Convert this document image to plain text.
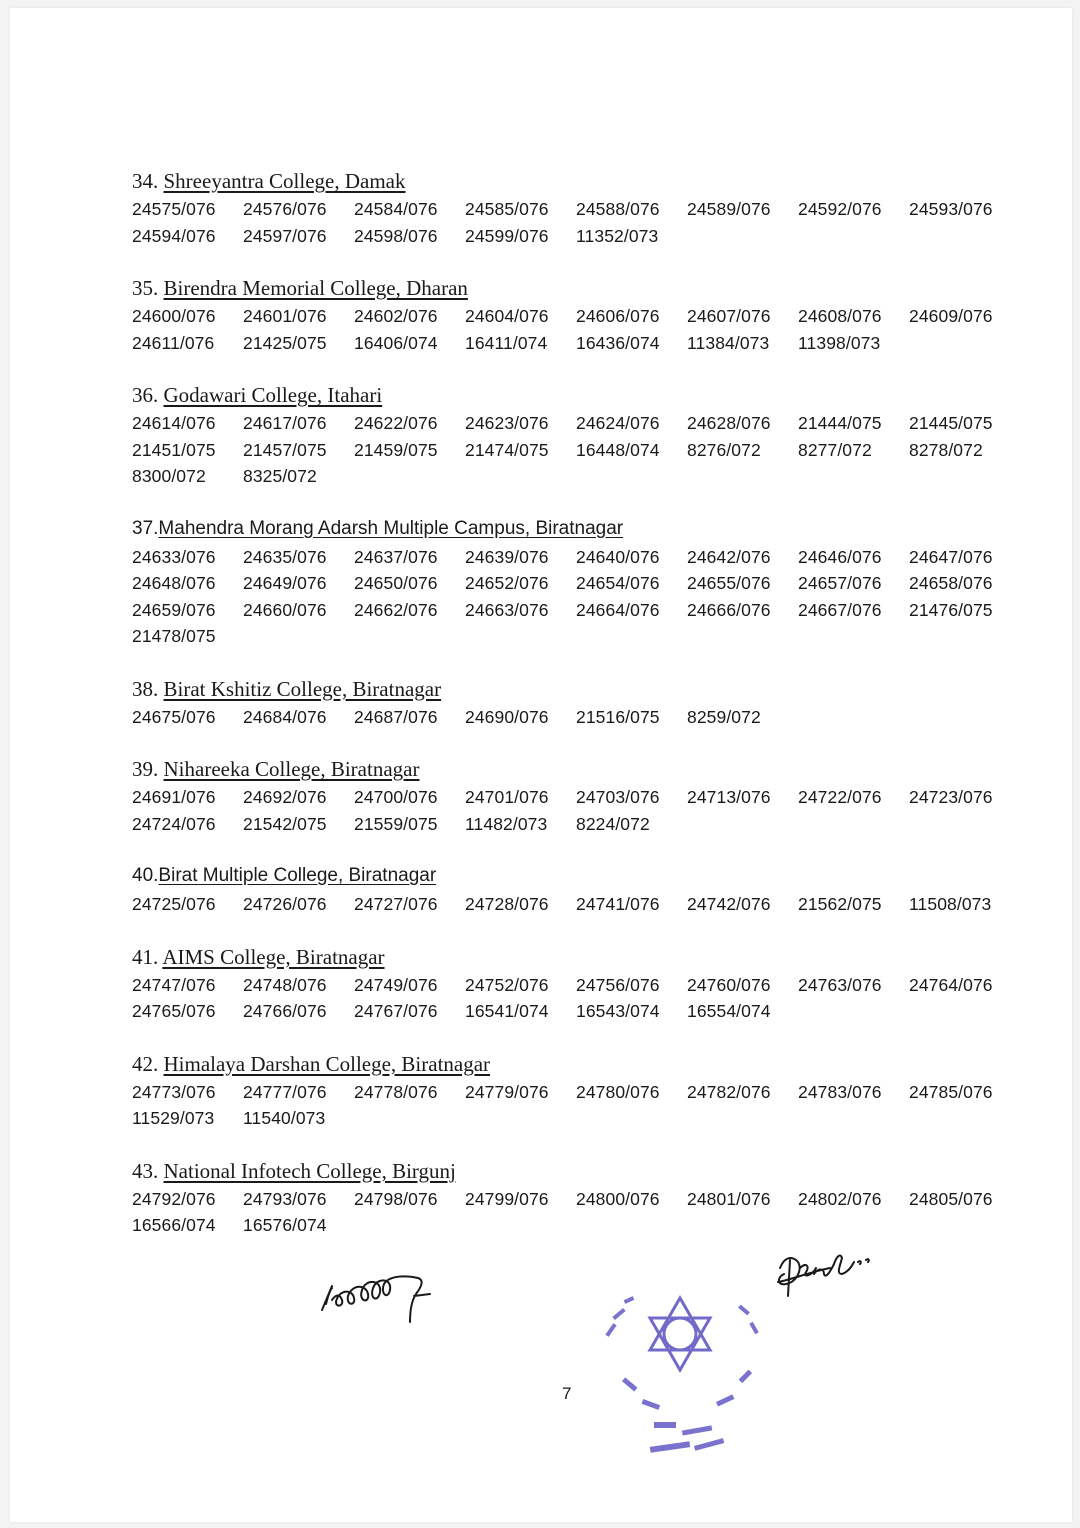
34. Shreeyantra College, Damak
24575/076	24576/076	24584/076	24585/076	24588/076	24589/076	24592/076	24593/076
24594/076	24597/076	24598/076	24599/076	11352/073
35. Birendra Memorial College, Dharan
24600/076	24601/076	24602/076	24604/076	24606/076	24607/076	24608/076	24609/076
24611/076	21425/075	16406/074	16411/074	16436/074	11384/073	11398/073
36. Godawari College, Itahari
24614/076	24617/076	24622/076	24623/076	24624/076	24628/076	21444/075	21445/075
21451/075	21457/075	21459/075	21474/075	16448/074	8276/072	8277/072	8278/072
8300/072	8325/072
37.Mahendra Morang Adarsh Multiple Campus, Biratnagar
24633/076	24635/076	24637/076	24639/076	24640/076	24642/076	24646/076	24647/076
24648/076	24649/076	24650/076	24652/076	24654/076	24655/076	24657/076	24658/076
24659/076	24660/076	24662/076	24663/076	24664/076	24666/076	24667/076	21476/075
21478/075
38. Birat Kshitiz College, Biratnagar
24675/076	24684/076	24687/076	24690/076	21516/075	8259/072
39. Nihareeka College, Biratnagar
24691/076	24692/076	24700/076	24701/076	24703/076	24713/076	24722/076	24723/076
24724/076	21542/075	21559/075	11482/073	8224/072
40.Birat Multiple College, Biratnagar
24725/076	24726/076	24727/076	24728/076	24741/076	24742/076	21562/075	11508/073
41. AIMS College, Biratnagar
24747/076	24748/076	24749/076	24752/076	24756/076	24760/076	24763/076	24764/076
24765/076	24766/076	24767/076	16541/074	16543/074	16554/074
42. Himalaya Darshan College, Biratnagar
24773/076	24777/076	24778/076	24779/076	24780/076	24782/076	24783/076	24785/076
11529/073	11540/073
43. National Infotech College, Birgunj
24792/076	24793/076	24798/076	24799/076	24800/076	24801/076	24802/076	24805/076
16566/074	16576/074
7
